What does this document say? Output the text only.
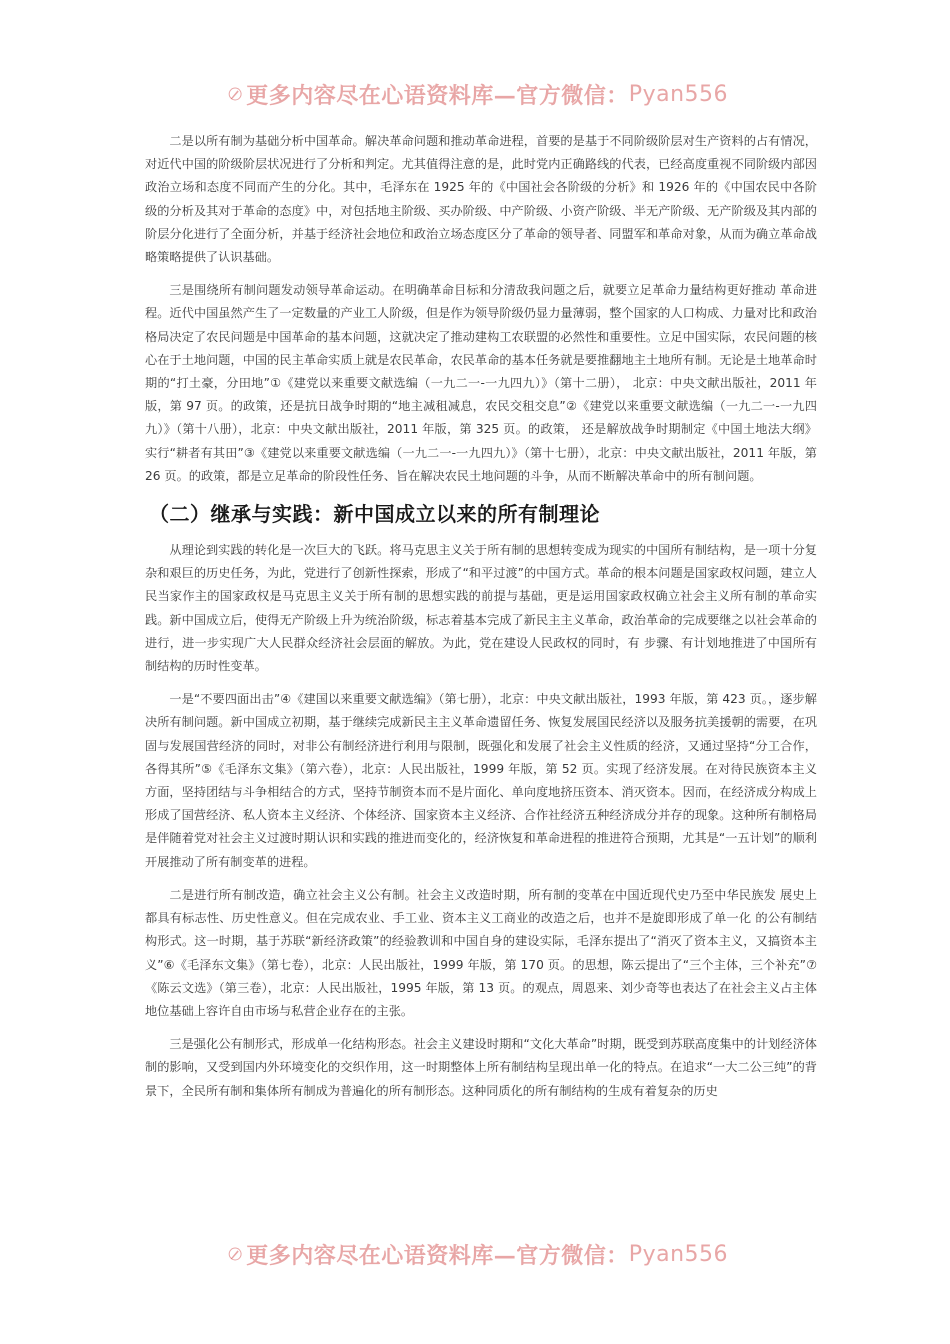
更多内容尽在心语资料库—官方微信： Pyan556

二是以所有制为基础分析中国革命。解决革命问题和推动革命进程，首要的是基于不同阶级阶层对生产资料的占有情况，对近代中国的阶级阶层状况进行了分析和判定。尤其值得注意的是，此时党内正确路线的代表，已经高度重视不同阶级内部因政治立场和态度不同而产生的分化。其中，毛泽东在 1925 年的《中国社会各阶级的分析》和 1926 年的《中国农民中各阶级的分析及其对于革命的态度》中，对包括地主阶级、买办阶级、中产阶级、小资产阶级、半无产阶级、无产阶级及其内部的阶层分化进行了全面分析，并基于经济社会地位和政治立场态度区分了革命的领导者、同盟军和革命对象，从而为确立革命战略策略提供了认识基础。

三是围绕所有制问题发动领导革命运动。在明确革命目标和分清敌我问题之后，就要立足革命力量结构更好推动 革命进程。近代中国虽然产生了一定数量的产业工人阶级，但是作为领导阶级仍显力量薄弱，整个国家的人口构成、力量对比和政治格局决定了农民问题是中国革命的基本问题，这就决定了推动建构工农联盟的必然性和重要性。立足中国实际，农民问题的核心在于土地问题，中国的民主革命实质上就是农民革命，农民革命的基本任务就是要推翻地主土地所有制。无论是土地革命时期的“打土豪，分田地”①《建党以来重要文献选编（一九二一-一九四九）》（第十二册）， 北京：中央文献出版社，2011 年版，第 97 页。的政策，还是抗日战争时期的“地主减租减息，农民交租交息”②《建党以来重要文献选编（一九二一-一九四九）》（第十八册），北京：中央文献出版社，2011 年版，第 325 页。的政策， 还是解放战争时期制定《中国土地法大纲》实行“耕者有其田”③《建党以来重要文献选编（一九二一-一九四九）》（第十七册），北京：中央文献出版社，2011 年版，第 26 页。的政策，都是立足革命的阶段性任务、旨在解决农民土地问题的斗争，从而不断解决革命中的所有制问题。

（二）继承与实践：新中国成立以来的所有制理论

从理论到实践的转化是一次巨大的飞跃。将马克思主义关于所有制的思想转变成为现实的中国所有制结构，是一项十分复杂和艰巨的历史任务，为此，党进行了创新性探索，形成了“和平过渡”的中国方式。革命的根本问题是国家政权问题，建立人民当家作主的国家政权是马克思主义关于所有制的思想实践的前提与基础，更是运用国家政权确立社会主义所有制的革命实践。新中国成立后，使得无产阶级上升为统治阶级，标志着基本完成了新民主主义革命，政治革命的完成要继之以社会革命的进行，进一步实现广大人民群众经济社会层面的解放。为此，党在建设人民政权的同时，有 步骤、有计划地推进了中国所有制结构的历时性变革。

一是“不要四面出击”④《建国以来重要文献选编》（第七册），北京：中央文献出版社，1993 年版，第 423 页。，逐步解决所有制问题。新中国成立初期，基于继续完成新民主主义革命遗留任务、恢复发展国民经济以及服务抗美援朝的需要，在巩固与发展国营经济的同时，对非公有制经济进行利用与限制，既强化和发展了社会主义性质的经济，又通过坚持“分工合作，各得其所”⑤《毛泽东文集》（第六卷），北京：人民出版社，1999 年版，第 52 页。实现了经济发展。在对待民族资本主义方面，坚持团结与斗争相结合的方式，坚持节制资本而不是片面化、单向度地挤压资本、消灭资本。因而，在经济成分构成上形成了国营经济、私人资本主义经济、个体经济、国家资本主义经济、合作社经济五种经济成分并存的现象。这种所有制格局是伴随着党对社会主义过渡时期认识和实践的推进而变化的，经济恢复和革命进程的推进符合预期，尤其是“一五计划”的顺利开展推动了所有制变革的进程。

二是进行所有制改造，确立社会主义公有制。社会主义改造时期，所有制的变革在中国近现代史乃至中华民族发 展史上都具有标志性、历史性意义。但在完成农业、手工业、资本主义工商业的改造之后，也并不是旋即形成了单一化 的公有制结构形式。这一时期，基于苏联“新经济政策”的经验教训和中国自身的建设实际，毛泽东提出了“消灭了资本主义，又搞资本主义”⑥《毛泽东文集》（第七卷），北京：人民出版社，1999 年版，第 170 页。的思想，陈云提出了“三个主体，三个补充”⑦《陈云文选》（第三卷），北京：人民出版社，1995 年版，第 13 页。的观点，周恩来、刘少奇等也表达了在社会主义占主体地位基础上容许自由市场与私营企业存在的主张。

三是强化公有制形式，形成单一化结构形态。社会主义建设时期和“文化大革命”时期，既受到苏联高度集中的计划经济体制的影响，又受到国内外环境变化的交织作用，这一时期整体上所有制结构呈现出单一化的特点。在追求“一大二公三纯”的背景下，全民所有制和集体所有制成为普遍化的所有制形态。这种同质化的所有制结构的生成有着复杂的历史

更多内容尽在心语资料库—官方微信： Pyan556
